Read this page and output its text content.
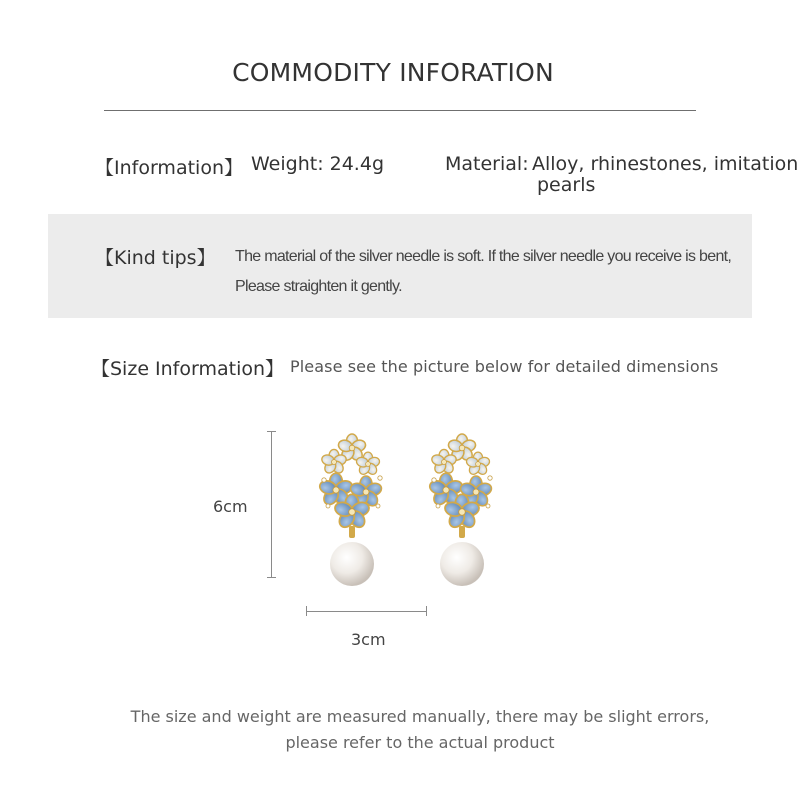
COMMODITY INFORATION
【Information】 Weight: 24.4g	Material: Alloy, rhinestones, imitation
pearls
【Kind tips】 The material of the silver needle is soft. If the silver needle you receive is bent,
Please straighten it gently.
【Size Information】 Please see the picture below for detailed dimensions
6cm
3cm
The size and weight are measured manually, there may be slight errors,
please refer to the actual product
